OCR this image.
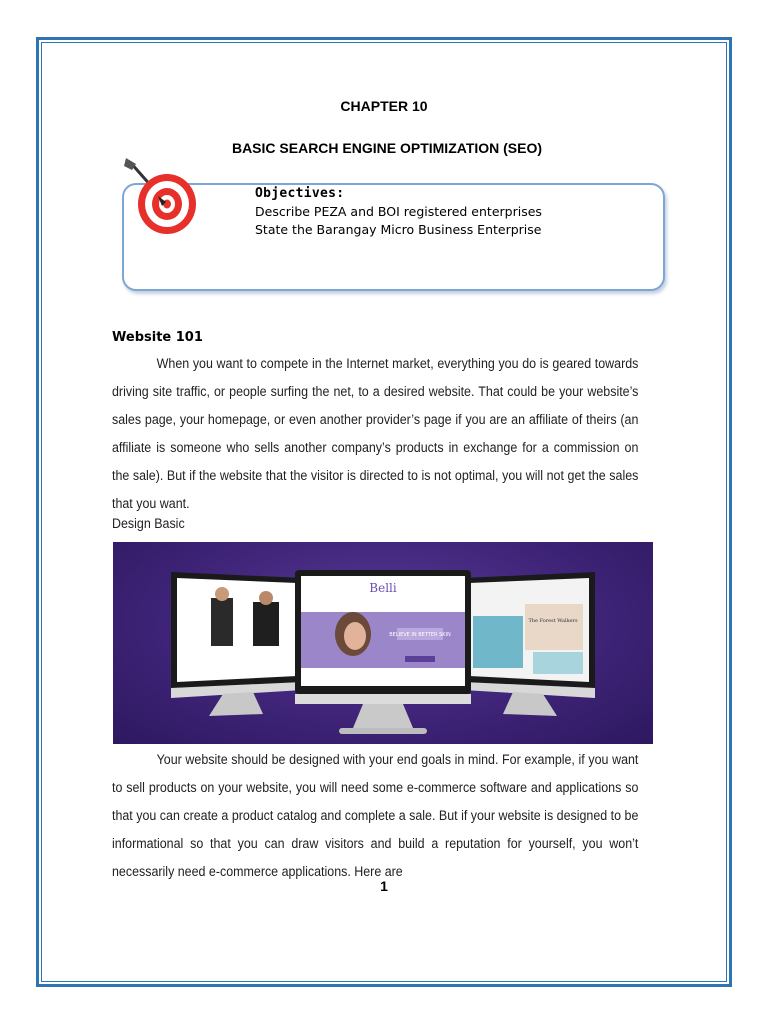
CHAPTER 10
BASIC SEARCH ENGINE OPTIMIZATION (SEO)
Objectives:
Describe PEZA and BOI registered enterprises
State the Barangay Micro Business Enterprise
Website 101

When you want to compete in the Internet market, everything you do is geared towards driving site traffic, or people surfing the net, to a desired website. That could be your website’s sales page, your homepage, or even another provider’s page if you are an affiliate of theirs (an affiliate is someone who sells another company’s products in exchange for a commission on the sale). But if the website that the visitor is directed to is not optimal, you will not get the sales that you want.

Design Basic
Belli
BELIEVE IN BETTER SKIN
The Forest Walkers

Your website should be designed with your end goals in mind. For example, if you want to sell products on your website, you will need some e-commerce software and applications so that you can create a product catalog and complete a sale. But if your website is designed to be informational so that you can draw visitors and build a reputation for yourself, you won’t necessarily need e-commerce applications. Here are

1
